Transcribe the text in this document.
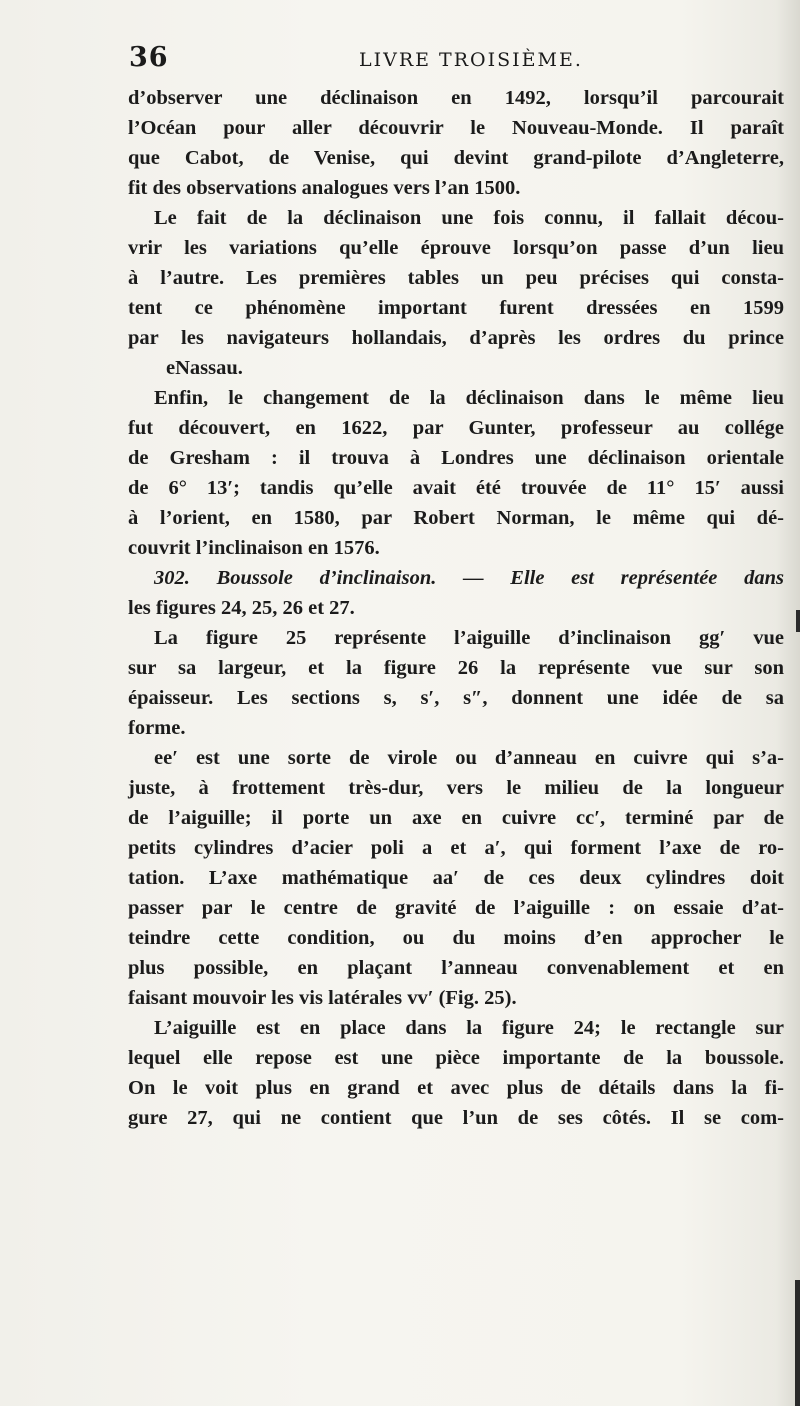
36	LIVRE TROISIÈME.
d’observer une déclinaison en 1492, lorsqu’il parcourait
l’Océan pour aller découvrir le Nouveau-Monde. Il paraît
que Cabot, de Venise, qui devint grand-pilote d’Angleterre,
fit des observations analogues vers l’an 1500.
Le fait de la déclinaison une fois connu, il fallait décou-
vrir les variations qu’elle éprouve lorsqu’on passe d’un lieu
à l’autre. Les premières tables un peu précises qui consta-
tent ce phénomène important furent dressées en 1599
par les navigateurs hollandais, d’après les ordres du prince
eNassau.
Enfin, le changement de la déclinaison dans le même lieu
fut découvert, en 1622, par Gunter, professeur au collége
de Gresham : il trouva à Londres une déclinaison orientale
de 6° 13′; tandis qu’elle avait été trouvée de 11° 15′ aussi
à l’orient, en 1580, par Robert Norman, le même qui dé-
couvrit l’inclinaison en 1576.
302. Boussole d’inclinaison. — Elle est représentée dans
les figures 24, 25, 26 et 27.
La figure 25 représente l’aiguille d’inclinaison gg′ vue
sur sa largeur, et la figure 26 la représente vue sur son
épaisseur. Les sections s, s′, s″, donnent une idée de sa
forme.
ee′ est une sorte de virole ou d’anneau en cuivre qui s’a-
juste, à frottement très-dur, vers le milieu de la longueur
de l’aiguille; il porte un axe en cuivre cc′, terminé par de
petits cylindres d’acier poli a et a′, qui forment l’axe de ro-
tation. L’axe mathématique aa′ de ces deux cylindres doit
passer par le centre de gravité de l’aiguille : on essaie d’at-
teindre cette condition, ou du moins d’en approcher le
plus possible, en plaçant l’anneau convenablement et en
faisant mouvoir les vis latérales vv′ (Fig. 25).
L’aiguille est en place dans la figure 24; le rectangle sur
lequel elle repose est une pièce importante de la boussole.
On le voit plus en grand et avec plus de détails dans la fi-
gure 27, qui ne contient que l’un de ses côtés. Il se com-
